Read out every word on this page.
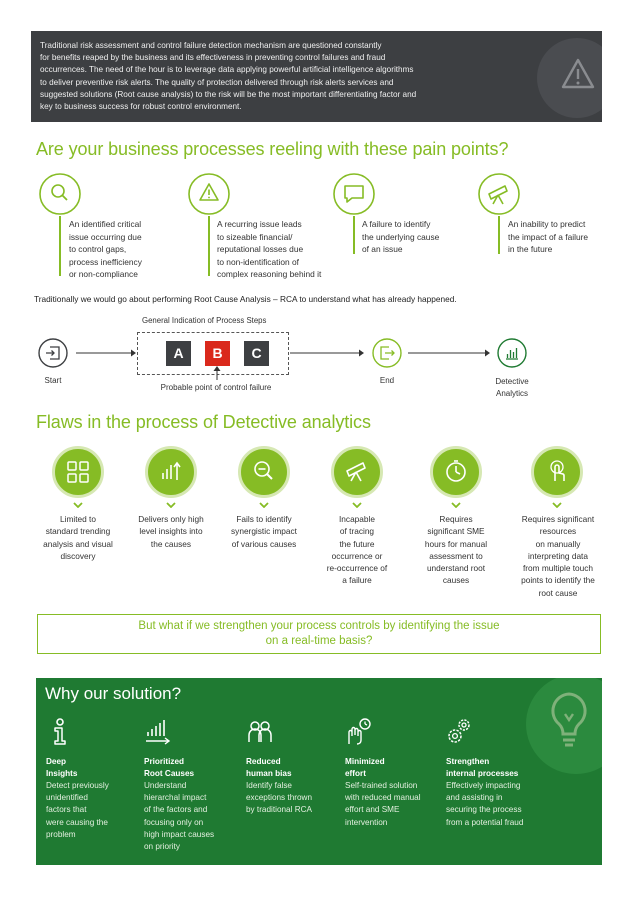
Traditional risk assessment and control failure detection mechanism are questioned constantly
for benefits reaped by the business and its effectiveness in preventing control failures and fraud
occurrences. The need of the hour is to leverage data applying powerful artificial intelligence algorithms
to deliver preventive risk alerts. The quality of protection delivered through risk alerts services and
suggested solutions (Root cause analysis) to the risk will be the most important differentiating factor and
key to business success for robust control environment.

Are your business processes reeling with these pain points?
An identified critical
issue occurring due
to control gaps,
process inefficiency
or non-compliance
A recurring issue leads
to sizeable financial/
reputational losses due
to non-identification of
complex reasoning behind it
A failure to identify
the underlying cause
of an issue
An inability to predict
the impact of a failure
in the future
Traditionally we would go about performing Root Cause Analysis – RCA to understand what has already happened.
General Indication of Process Steps
A	B	C
Probable point of control failure
Start	End	Detective
Analytics
Flaws in the process of Detective analytics
Limited to
standard trending
analysis and visual
discovery
Delivers only high
level insights into
the causes
Fails to identify
synergistic impact
of various causes
Incapable
of tracing
the future
occurrence or
re-occurrence of
a failure
Requires
significant SME
hours for manual
assessment to
understand root
causes
Requires significant
resources
on manually
interpreting data
from multiple touch
points to identify the
root cause
But what if we strengthen your process controls by identifying the issue
on a real-time basis?
Why our solution?
Deep
Insights
Detect previously
unidentified
factors that
were causing the
problem
Prioritized
Root Causes
Understand
hierarchal impact
of the factors and
focusing only on
high impact causes
on priority
Reduced
human bias
Identify false
exceptions thrown
by traditional RCA
Minimized
effort
Self-trained solution
with reduced manual
effort and SME
intervention
Strengthen
internal processes
Effectively impacting
and assisting in
securing the process
from a potential fraud
